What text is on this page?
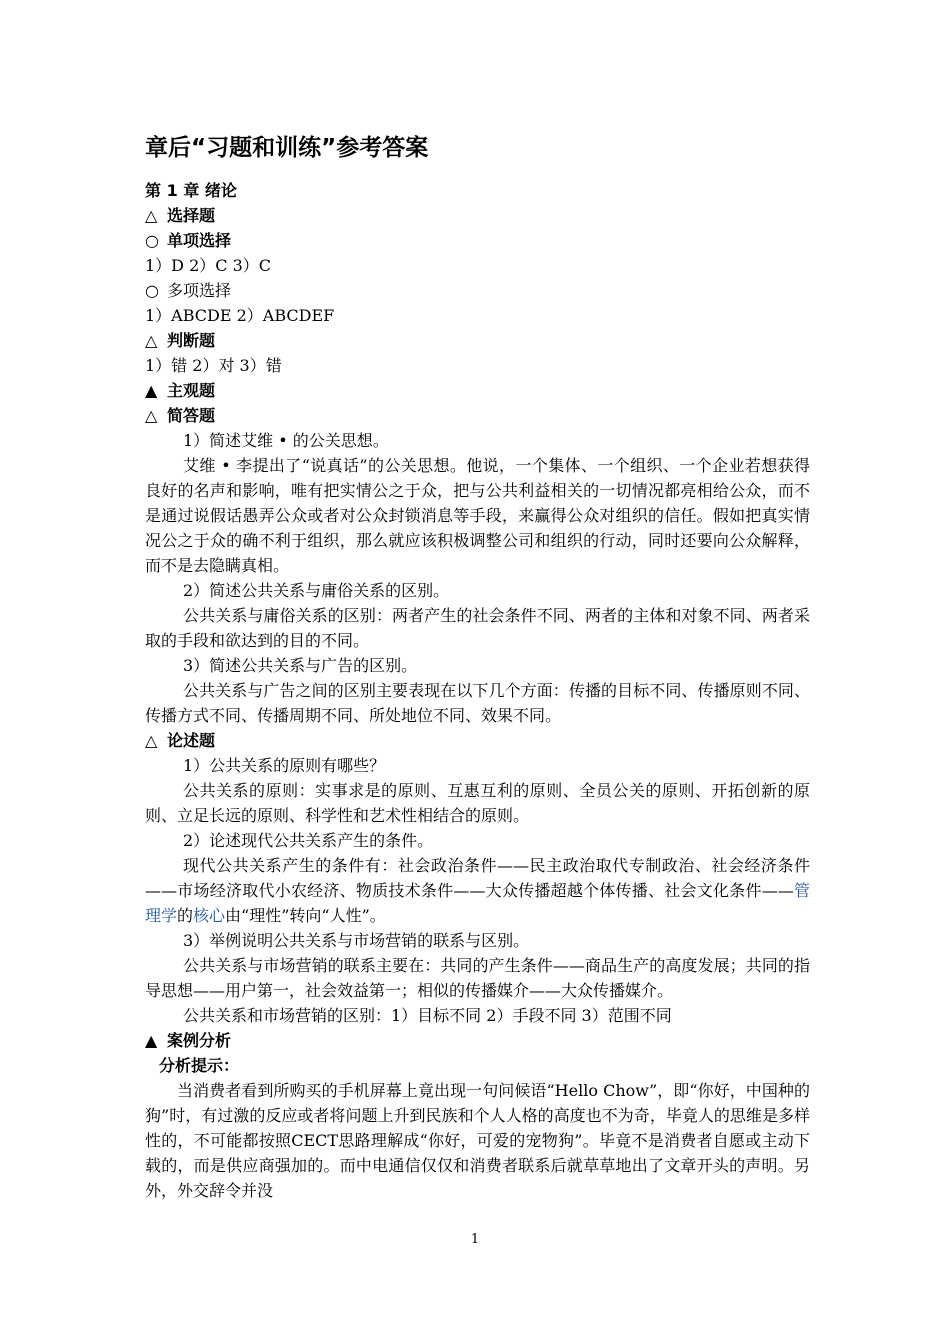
章后“习题和训练”参考答案

第 1 章 绪论

△ 选择题

○ 单项选择

1）D 2）C 3）C

○ 多项选择

1）ABCDE 2）ABCDEF

△ 判断题

1）错 2）对 3）错

▲ 主观题

△ 简答题

1）简述艾维 • 的公关思想。

艾维 • 李提出了“说真话”的公关思想。他说，一个集体、一个组织、一个企业若想获得良好的名声和影响，唯有把实情公之于众，把与公共利益相关的一切情况都亮相给公众，而不是通过说假话愚弄公众或者对公众封锁消息等手段，来赢得公众对组织的信任。假如把真实情况公之于众的确不利于组织，那么就应该积极调整公司和组织的行动，同时还要向公众解释，而不是去隐瞒真相。

2）简述公共关系与庸俗关系的区别。

公共关系与庸俗关系的区别：两者产生的社会条件不同、两者的主体和对象不同、两者采取的手段和欲达到的目的不同。

3）简述公共关系与广告的区别。

公共关系与广告之间的区别主要表现在以下几个方面：传播的目标不同、传播原则不同、传播方式不同、传播周期不同、所处地位不同、效果不同。

△ 论述题

1）公共关系的原则有哪些？

公共关系的原则：实事求是的原则、互惠互利的原则、全员公关的原则、开拓创新的原则、立足长远的原则、科学性和艺术性相结合的原则。

2）论述现代公共关系产生的条件。

现代公共关系产生的条件有：社会政治条件——民主政治取代专制政治、社会经济条件——市场经济取代小农经济、物质技术条件——大众传播超越个体传播、社会文化条件——管理学的核心由“理性”转向“人性”。

3）举例说明公共关系与市场营销的联系与区别。

公共关系与市场营销的联系主要在：共同的产生条件——商品生产的高度发展；共同的指导思想——用户第一，社会效益第一；相似的传播媒介——大众传播媒介。

公共关系和市场营销的区别：1）目标不同 2）手段不同 3）范围不同

▲ 案例分析

分析提示：

当消费者看到所购买的手机屏幕上竟出现一句问候语“Hello Chow”，即“你好，中国种的狗”时，有过激的反应或者将问题上升到民族和个人人格的高度也不为奇，毕竟人的思维是多样性的，不可能都按照CECT思路理解成“你好，可爱的宠物狗”。毕竟不是消费者自愿或主动下载的，而是供应商强加的。而中电通信仅仅和消费者联系后就草草地出了文章开头的声明。另外，外交辞令并没

1
